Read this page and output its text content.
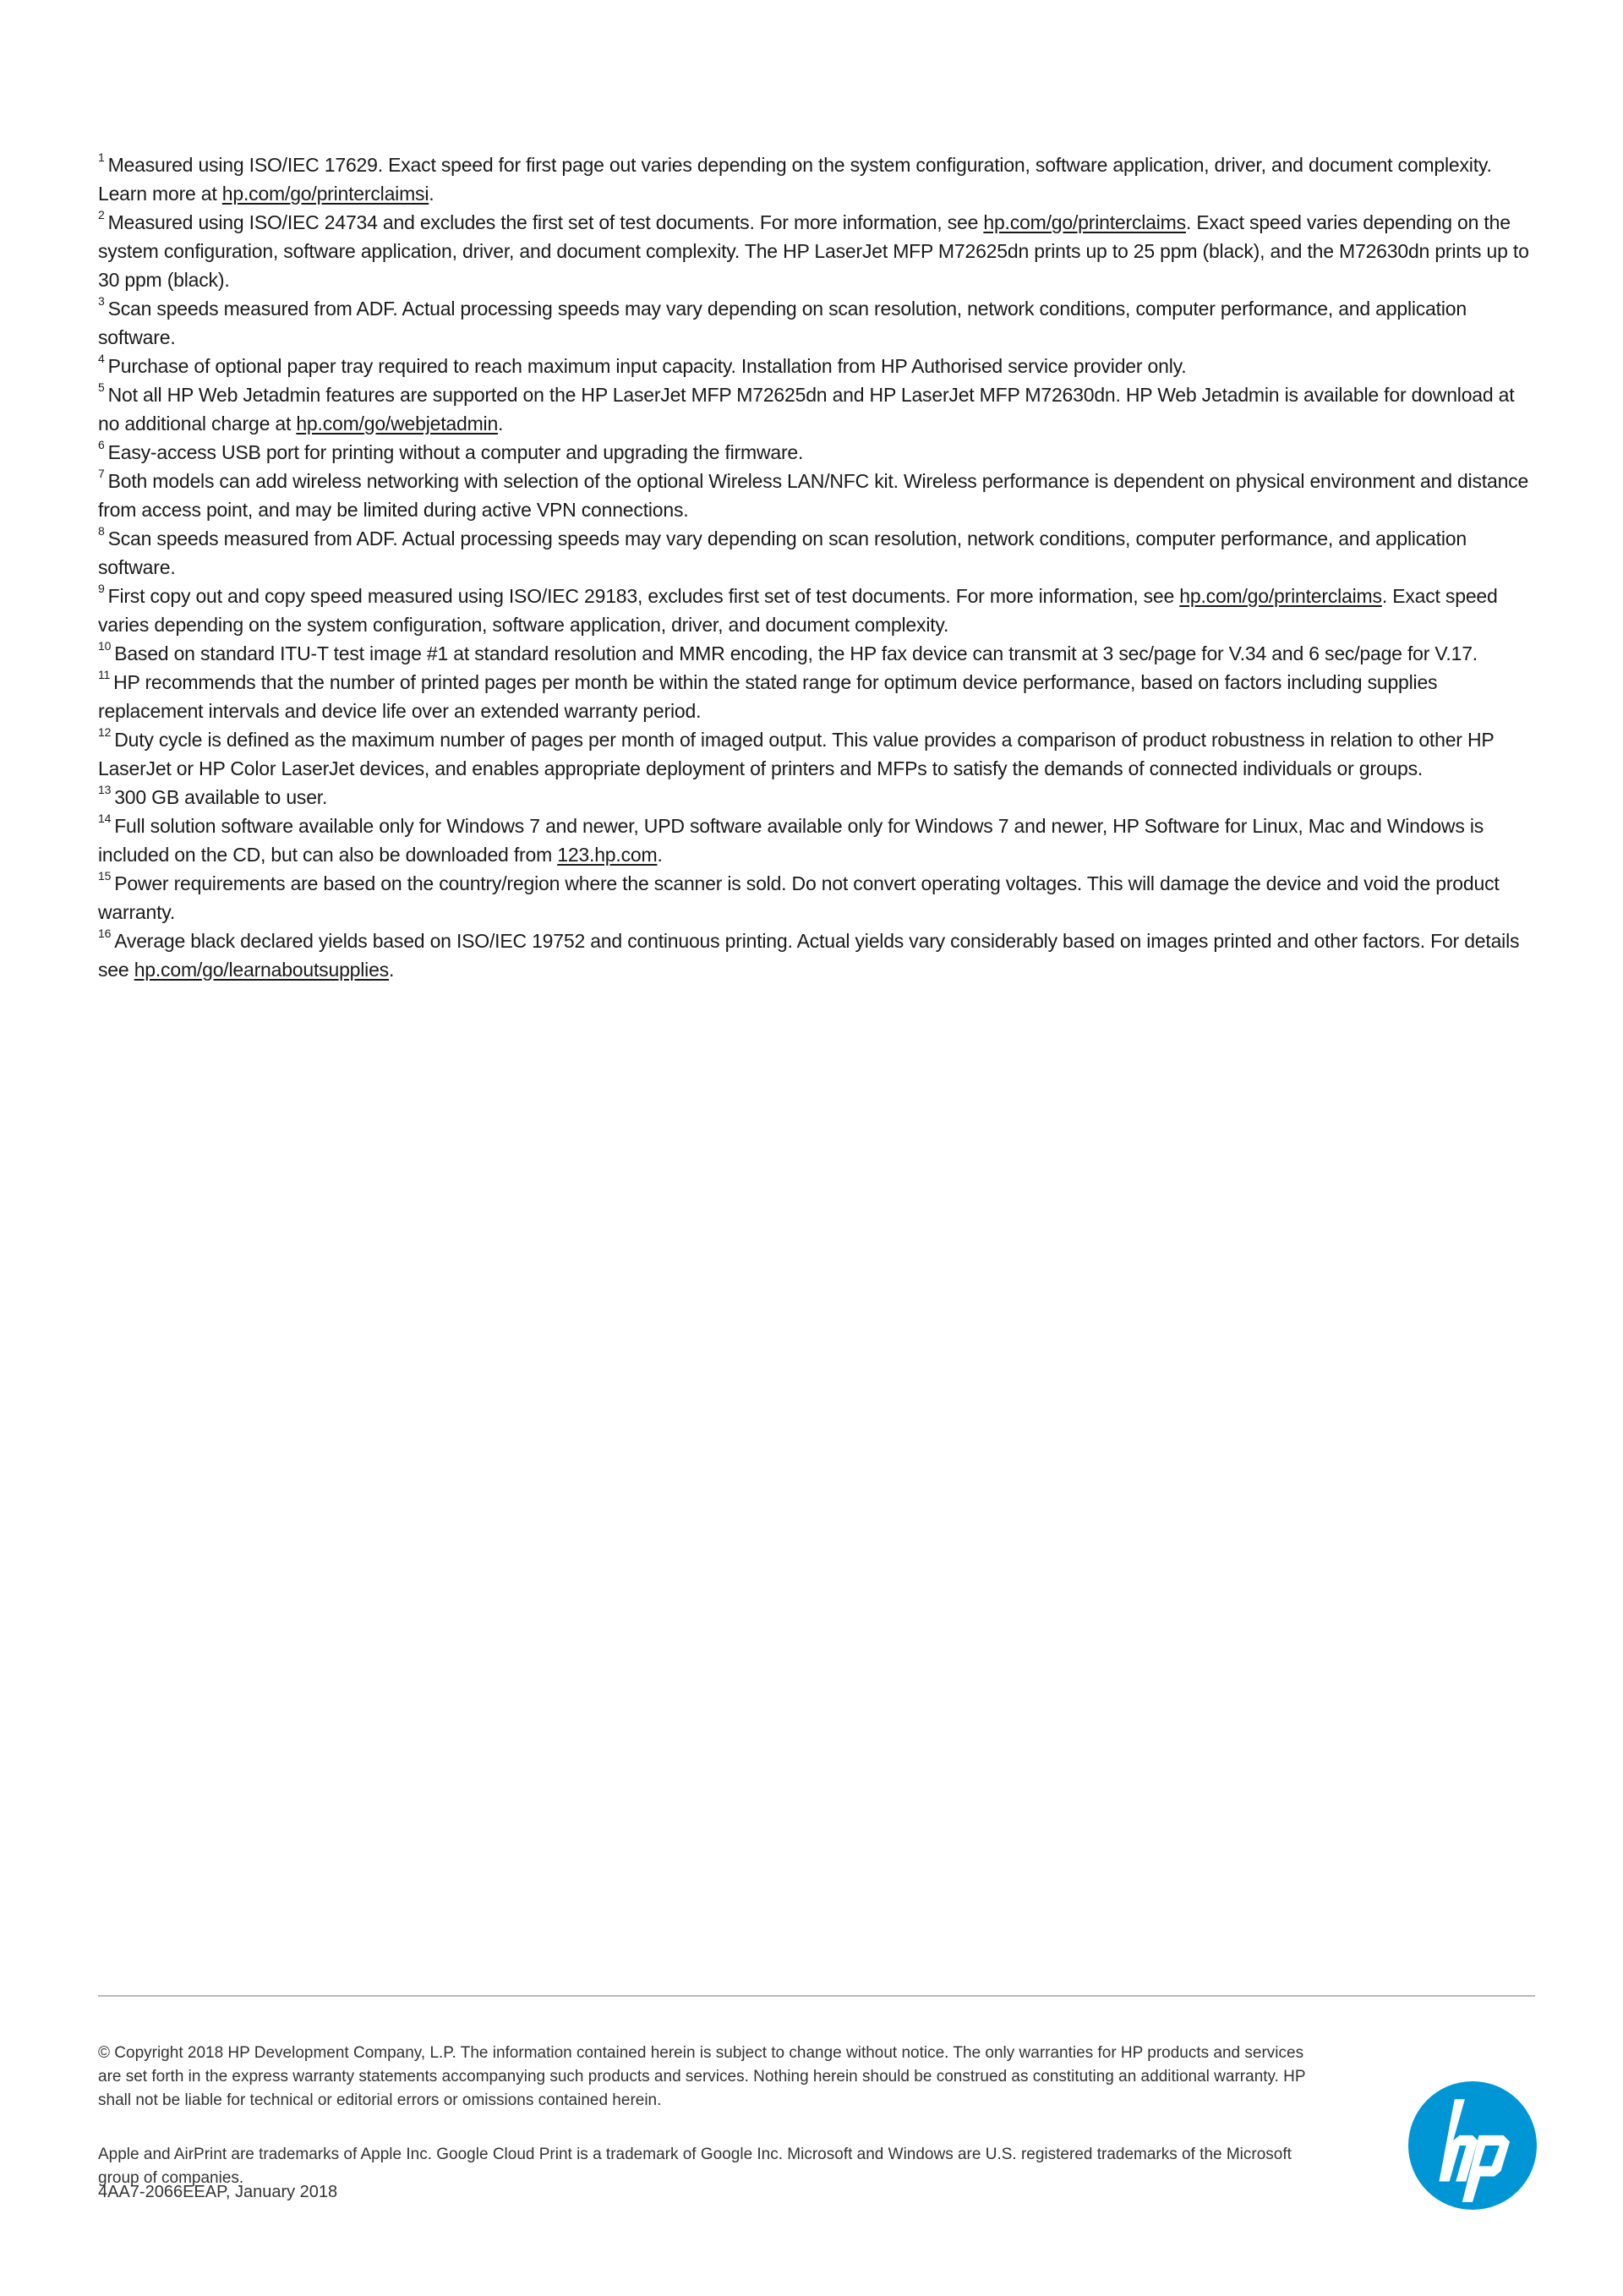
$^1$ Measured using ISO/IEC 17629. Exact speed for first page out varies depending on the system configuration, software application, driver, and document complexity. Learn more at hp.com/go/printerclaimsi.

$^2$ Measured using ISO/IEC 24734 and excludes the first set of test documents. For more information, see hp.com/go/printerclaims. Exact speed varies depending on the system configuration, software application, driver, and document complexity. The HP LaserJet MFP M72625dn prints up to 25 ppm (black), and the M72630dn prints up to 30 ppm (black).

$^3$ Scan speeds measured from ADF. Actual processing speeds may vary depending on scan resolution, network conditions, computer performance, and application software.

$^4$ Purchase of optional paper tray required to reach maximum input capacity. Installation from HP Authorised service provider only.

$^5$ Not all HP Web Jetadmin features are supported on the HP LaserJet MFP M72625dn and HP LaserJet MFP M72630dn. HP Web Jetadmin is available for download at no additional charge at hp.com/go/webjetadmin.

$^6$ Easy-access USB port for printing without a computer and upgrading the firmware.

$^7$ Both models can add wireless networking with selection of the optional Wireless LAN/NFC kit. Wireless performance is dependent on physical environment and distance from access point, and may be limited during active VPN connections.

$^8$ Scan speeds measured from ADF. Actual processing speeds may vary depending on scan resolution, network conditions, computer performance, and application software.

$^9$ First copy out and copy speed measured using ISO/IEC 29183, excludes first set of test documents. For more information, see hp.com/go/printerclaims. Exact speed varies depending on the system configuration, software application, driver, and document complexity.

$^{10}$ Based on standard ITU-T test image #1 at standard resolution and MMR encoding, the HP fax device can transmit at 3 sec/page for V.34 and 6 sec/page for V.17.

$^{11}$ HP recommends that the number of printed pages per month be within the stated range for optimum device performance, based on factors including supplies replacement intervals and device life over an extended warranty period.

$^{12}$ Duty cycle is defined as the maximum number of pages per month of imaged output. This value provides a comparison of product robustness in relation to other HP LaserJet or HP Color LaserJet devices, and enables appropriate deployment of printers and MFPs to satisfy the demands of connected individuals or groups.

$^{13}$ 300 GB available to user.

$^{14}$ Full solution software available only for Windows 7 and newer, UPD software available only for Windows 7 and newer, HP Software for Linux, Mac and Windows is included on the CD, but can also be downloaded from 123.hp.com.

$^{15}$ Power requirements are based on the country/region where the scanner is sold. Do not convert operating voltages. This will damage the device and void the product warranty.

$^{16}$ Average black declared yields based on ISO/IEC 19752 and continuous printing. Actual yields vary considerably based on images printed and other factors. For details see hp.com/go/learnaboutsupplies.

© Copyright 2018 HP Development Company, L.P. The information contained herein is subject to change without notice. The only warranties for HP products and services are set forth in the express warranty statements accompanying such products and services. Nothing herein should be construed as constituting an additional warranty. HP shall not be liable for technical or editorial errors or omissions contained herein.

Apple and AirPrint are trademarks of Apple Inc. Google Cloud Print is a trademark of Google Inc. Microsoft and Windows are U.S. registered trademarks of the Microsoft group of companies.

4AA7-2066EEAP, January 2018
